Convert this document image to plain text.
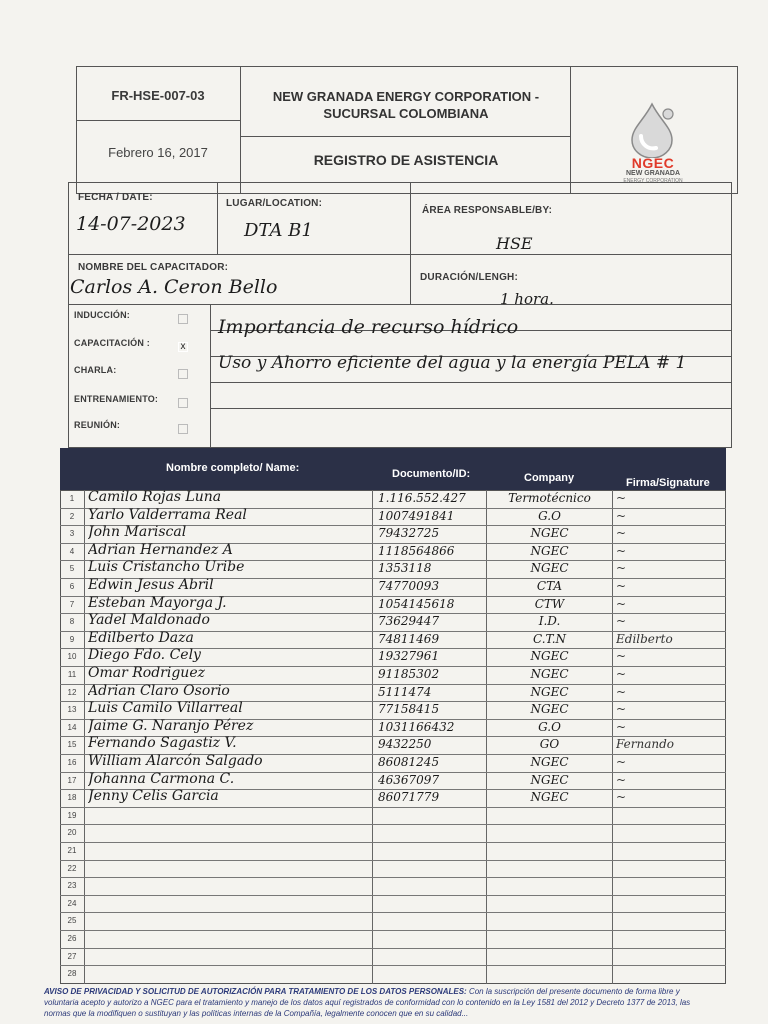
FR-HSE-007-03
Febrero 16, 2017
NEW GRANADA ENERGY CORPORATION -
SUCURSAL COLOMBIANA
REGISTRO DE ASISTENCIA	NGEC
NEW GRANADA
ENERGY CORPORATION
FECHA / DATE:
14-07-2023
LUGAR/LOCATION:
DTA B1
ÁREA RESPONSABLE/BY:
HSE
NOMBRE DEL CAPACITADOR:
Carlos A. Ceron Bello	DURACIÓN/LENGH:
1 hora.
INDUCCIÓN:
CAPACITACIÓN :	x
CHARLA:
ENTRENAMIENTO:
REUNIÓN:
Importancia de recurso hídrico
Uso y Ahorro eficiente del agua y la energía PELA # 1
Nombre completo/ Name:	Documento/ID:	Company	Firma/Signature
1 Camilo Rojas Luna	1.116.552.427	Termotécnico	~
2 Yarlo Valderrama Real	1007491841	G.O	~
3 John Mariscal	79432725	NGEC	~
4 Adrian Hernandez A	1118564866	NGEC	~
5 Luis Cristancho Uribe	1353118	NGEC	~
6 Edwin Jesus Abril	74770093	CTA	~
7 Esteban Mayorga J.	1054145618	CTW	~
8 Yadel Maldonado	73629447	I.D.	~
9 Edilberto Daza	74811469	C.T.N	Edilberto
10 Diego Fdo. Cely	19327961	NGEC	~
11 Omar Rodriguez	91185302	NGEC	~
12 Adrian Claro Osorio	5111474	NGEC	~
13 Luis Camilo Villarreal	77158415	NGEC	~
14 Jaime G. Naranjo Pérez	1031166432	G.O	~
15 Fernando Sagastiz V.	9432250	GO	Fernando
16 William Alarcón Salgado	86081245	NGEC	~
17 Johanna Carmona C.	46367097	NGEC	~
18 Jenny Celis Garcia	86071779	NGEC	~
19
20
21
22
23
24
25
26
27
28
AVISO DE PRIVACIDAD Y SOLICITUD DE AUTORIZACIÓN PARA TRATAMIENTO DE LOS DATOS PERSONALES: Con la suscripción del presente documento de forma libre y voluntaria acepto y autorizo a NGEC para el tratamiento y manejo de los datos aquí registrados de conformidad con lo contenido en la Ley 1581 del 2012 y Decreto 1377 de 2013, las normas que la modifiquen o sustituyan y las políticas internas de la Compañía, legalmente conocen que en su calidad...
